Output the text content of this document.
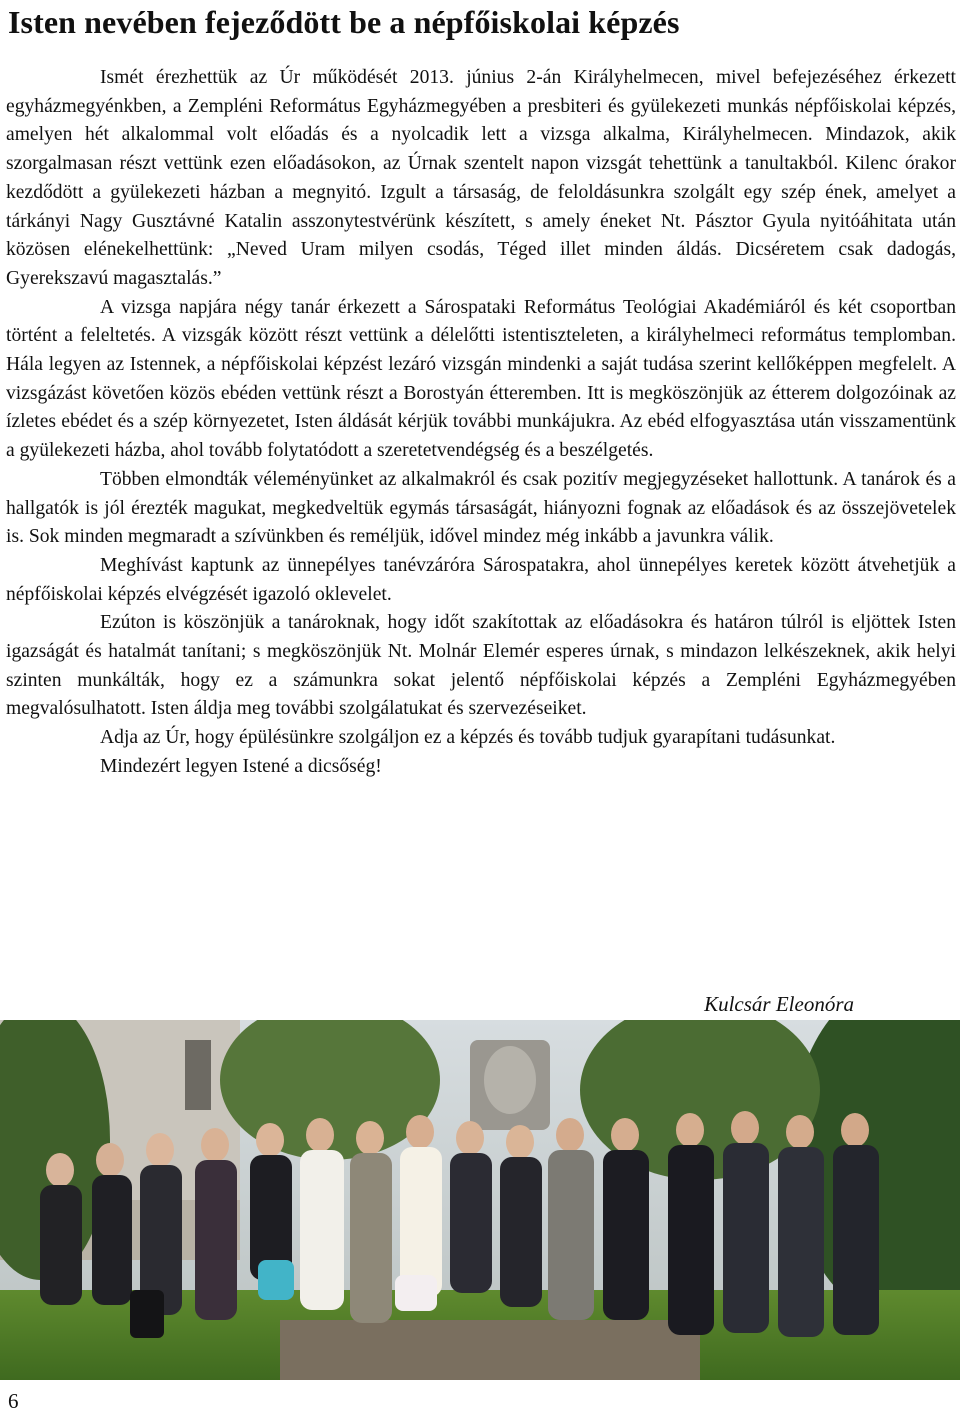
Isten nevében fejeződött be a népfőiskolai képzés

Ismét érezhettük az Úr működését 2013. június 2-án Királyhelmecen, mivel befejezéséhez érkezett egyházmegyénkben, a Zempléni Református Egyházmegyében a presbiteri és gyülekezeti munkás népfőiskolai képzés, amelyen hét alkalommal volt előadás és a nyolcadik lett a vizsga alkalma, Királyhelmecen. Mindazok, akik szorgalmasan részt vettünk ezen előadásokon, az Úrnak szentelt napon vizsgát tehettünk a tanultakból. Kilenc órakor kezdődött a gyülekezeti házban a megnyitó. Izgult a társaság, de feloldásunkra szolgált egy szép ének, amelyet a tárkányi Nagy Gusztávné Katalin asszonytestvérünk készített, s amely éneket Nt. Pásztor Gyula nyitóáhitata után közösen elénekelhettünk: „Neved Uram milyen csodás, Téged illet minden áldás. Dicséretem csak dadogás, Gyerekszavú magasztalás.”

A vizsga napjára négy tanár érkezett a Sárospataki Református Teológiai Akadémiáról és két csoportban történt a feleltetés. A vizsgák között részt vettünk a délelőtti istentiszteleten, a királyhelmeci református templomban. Hála legyen az Istennek, a népfőiskolai képzést lezáró vizsgán mindenki a saját tudása szerint kellőképpen megfelelt. A vizsgázást követően közös ebéden vettünk részt a Borostyán étteremben. Itt is megköszönjük az étterem dolgozóinak az ízletes ebédet és a szép környezetet, Isten áldását kérjük további munkájukra. Az ebéd elfogyasztása után visszamentünk a gyülekezeti házba, ahol tovább folytatódott a szeretetvendégség és a beszélgetés.

Többen elmondták véleményünket az alkalmakról és csak pozitív megjegyzéseket hallottunk. A tanárok és a hallgatók is jól érezték magukat, megkedveltük egymás társaságát, hiányozni fognak az előadások és az összejövetelek is. Sok minden megmaradt a szívünkben és reméljük, idővel mindez még inkább a javunkra válik.

Meghívást kaptunk az ünnepélyes tanévzáróra Sárospatakra, ahol ünnepélyes keretek között átvehetjük a népfőiskolai képzés elvégzését igazoló oklevelet.

Ezúton is köszönjük a tanároknak, hogy időt szakítottak az előadásokra és határon túlról is eljöttek Isten igazságát és hatalmát tanítani; s megköszönjük Nt. Molnár Elemér esperes úrnak, s mindazon lelkészeknek, akik helyi szinten munkálták, hogy ez a számunkra sokat jelentő népfőiskolai képzés a Zempléni Egyházmegyében megvalósulhatott. Isten áldja meg további szolgálatukat és szervezéseiket.

Adja az Úr, hogy épülésünkre szolgáljon ez a képzés és tovább tudjuk gyarapítani tudásunkat.

Mindezért legyen Istené a dicsőség!

Kulcsár Eleonóra
6
